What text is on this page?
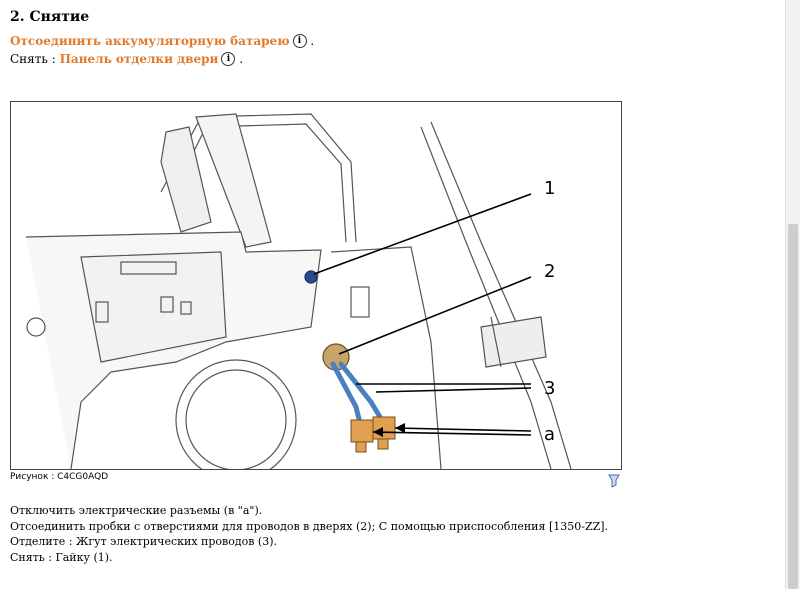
2. Снятие
Отсоединить аккумуляторную батарею i .
Снять : Панель отделки двери i .
1
2
3
a
Рисунок : C4CG0AQD
Отключить электрические разъемы (в "a").
Отсоединить пробки с отверстиями для проводов в дверях (2); С помощью приспособления [1350-ZZ].
Отделите : Жгут электрических проводов (3).
Снять : Гайку (1).
